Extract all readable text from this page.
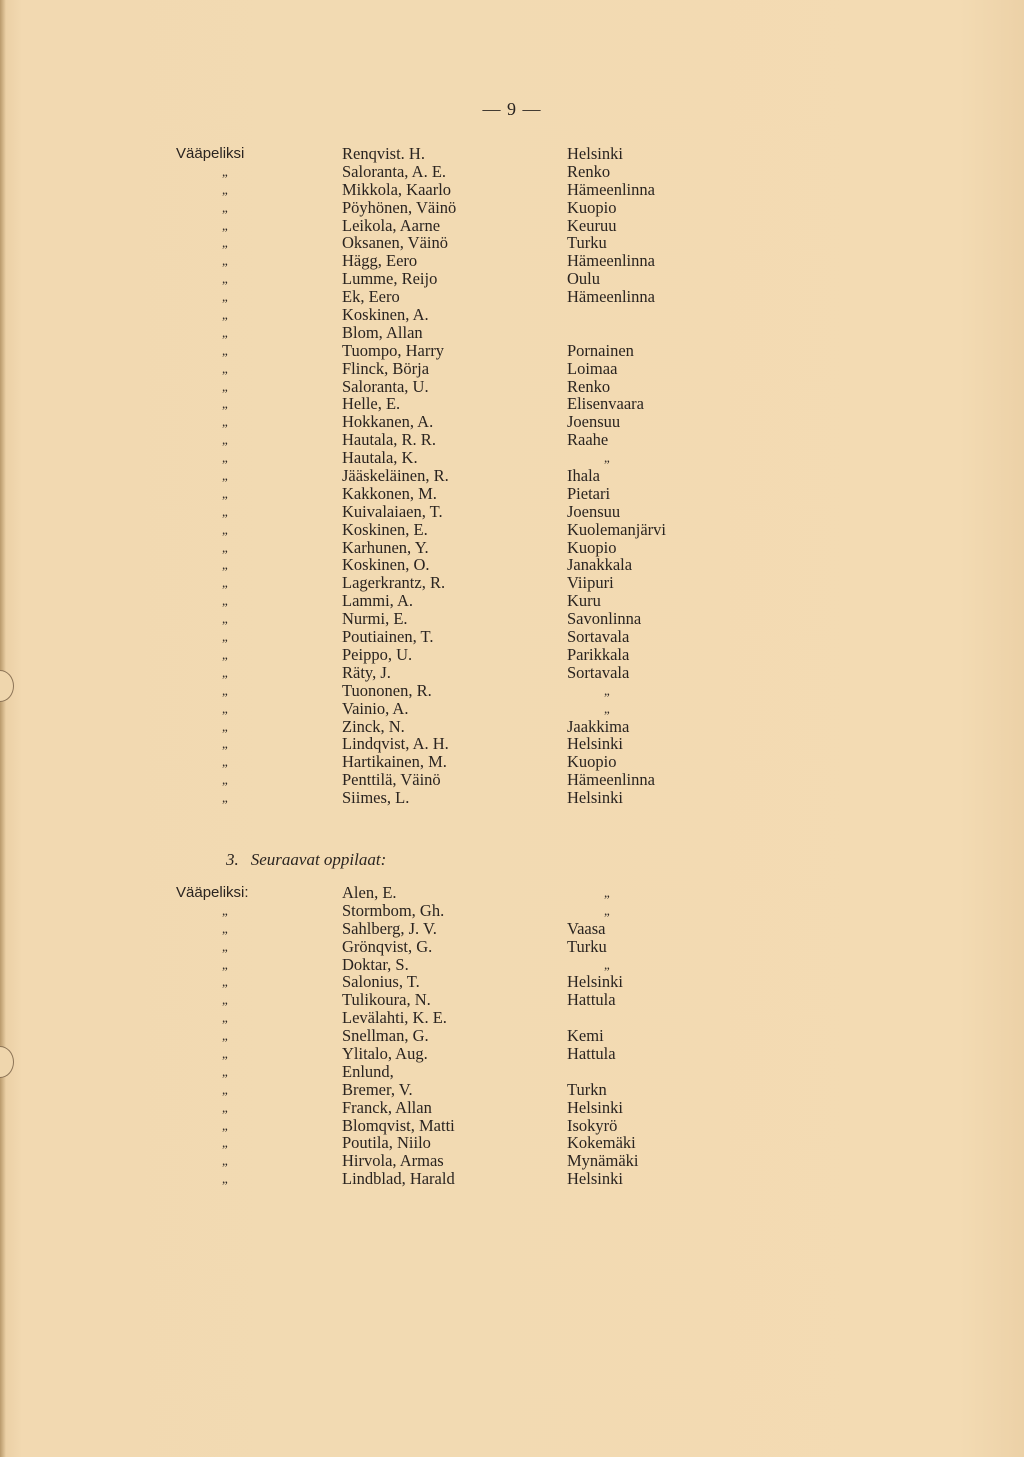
— 9 —
Vääpeliksi	Renqvist. H.	Helsinki
„	Saloranta, A. E.	Renko
„	Mikkola, Kaarlo	Hämeenlinna
„	Pöyhönen, Väinö	Kuopio
„	Leikola, Aarne	Keuruu
„	Oksanen, Väinö	Turku
„	Hägg, Eero	Hämeenlinna
„	Lumme, Reijo	Oulu
„	Ek, Eero	Hämeenlinna
„	Koskinen, A.
„	Blom, Allan
„	Tuompo, Harry	Pornainen
„	Flinck, Börja	Loimaa
„	Saloranta, U.	Renko
„	Helle, E.	Elisenvaara
„	Hokkanen, A.	Joensuu
„	Hautala, R. R.	Raahe
„	Hautala, K.	„
„	Jääskeläinen, R.	Ihala
„	Kakkonen, M.	Pietari
„	Kuivalaiaen, T.	Joensuu
„	Koskinen, E.	Kuolemanjärvi
„	Karhunen, Y.	Kuopio
„	Koskinen, O.	Janakkala
„	Lagerkrantz, R.	Viipuri
„	Lammi, A.	Kuru
„	Nurmi, E.	Savonlinna
„	Poutiainen, T.	Sortavala
„	Peippo, U.	Parikkala
„	Räty, J.	Sortavala
„	Tuononen, R.	„
„	Vainio, A.	„
„	Zinck, N.	Jaakkima
„	Lindqvist, A. H.	Helsinki
„	Hartikainen, M.	Kuopio
„	Penttilä, Väinö	Hämeenlinna
„	Siimes, L.	Helsinki
3. Seuraavat oppilaat:
Vääpeliksi:	Alen, E.	„
„	Stormbom, Gh.	„
„	Sahlberg, J. V.	Vaasa
„	Grönqvist, G.	Turku
„	Doktar, S.	„
„	Salonius, T.	Helsinki
„	Tulikoura, N.	Hattula
„	Levälahti, K. E.
„	Snellman, G.	Kemi
„	Ylitalo, Aug.	Hattula
„	Enlund,
„	Bremer, V.	Turkn
„	Franck, Allan	Helsinki
„	Blomqvist, Matti	Isokyrö
„	Poutila, Niilo	Kokemäki
„	Hirvola, Armas	Mynämäki
„	Lindblad, Harald	Helsinki
